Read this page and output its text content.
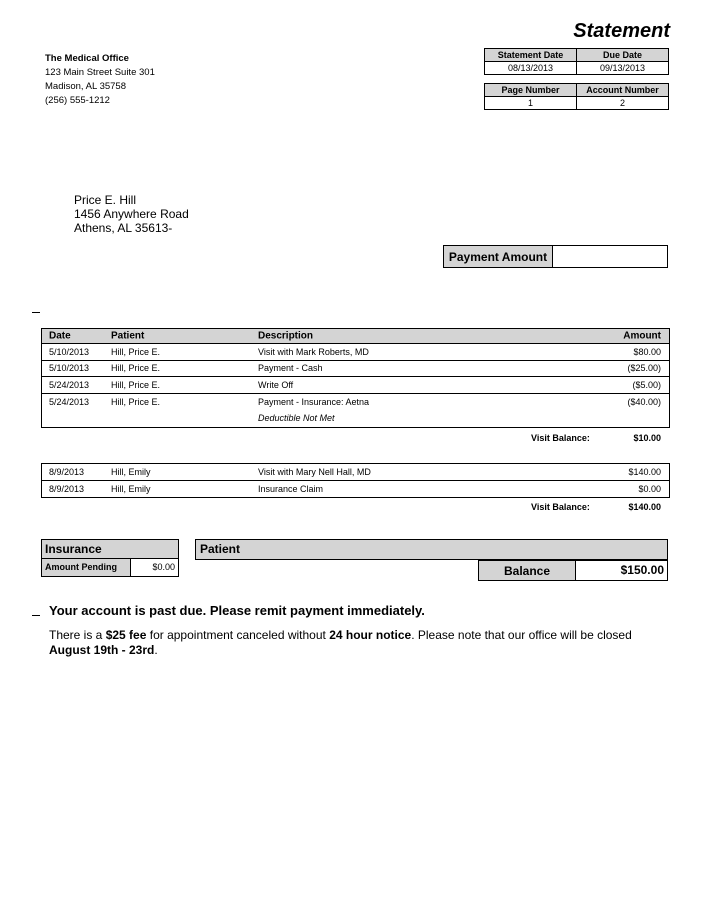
Statement
The Medical Office
123 Main Street Suite 301
Madison, AL 35758
(256) 555-1212
Statement Date	Due Date
08/13/2013	09/13/2013
Page Number	Account Number
1	2
Price E. Hill
1456 Anywhere Road
Athens, AL 35613-
Payment Amount
Date	Patient	Description	Amount
5/10/2013 Hill, Price E.	Visit with Mark Roberts, MD	$80.00
5/10/2013 Hill, Price E.	Payment - Cash	($25.00)
5/24/2013 Hill, Price E.	Write Off	($5.00)
5/24/2013 Hill, Price E.	Payment - Insurance: Aetna	($40.00)
Deductible Not Met
Visit Balance:	$10.00
8/9/2013	Hill, Emily	Visit with Mary Nell Hall, MD	$140.00
8/9/2013	Hill, Emily	Insurance Claim	$0.00
Visit Balance:	$140.00
Insurance
Amount Pending	$0.00
Patient
Balance	$150.00
Your account is past due. Please remit payment immediately.
There is a $25 fee for appointment canceled without 24 hour notice. Please note that our office will be closed August 19th - 23rd.
